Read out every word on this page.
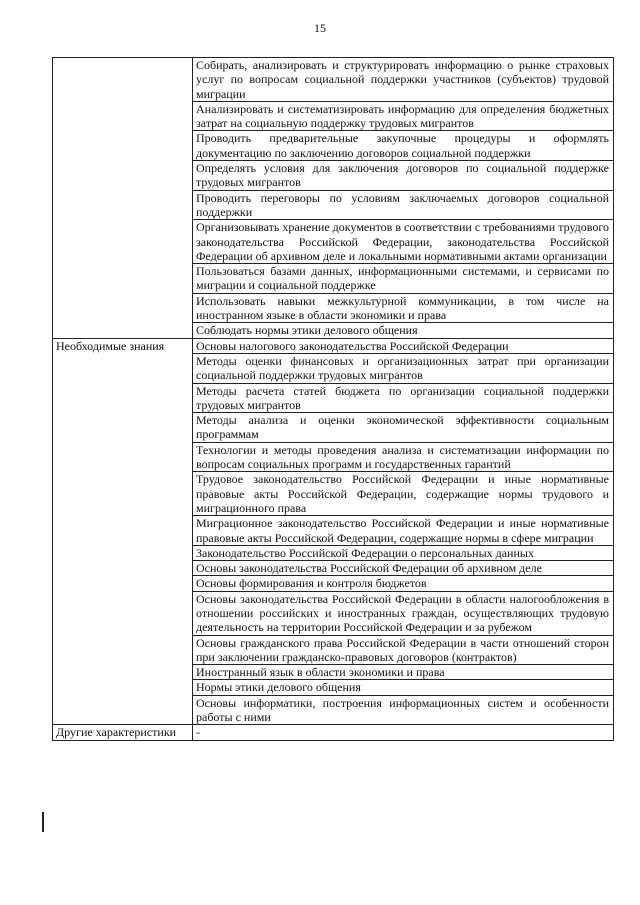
15
	Собирать, анализировать и структурировать информацию о рынке страховых услуг по вопросам социальной поддержки участников (субъектов) трудовой миграции
	Анализировать и систематизировать информацию для определения бюджетных затрат на социальную поддержку трудовых мигрантов
	Проводить предварительные закупочные процедуры и оформлять документацию по заключению договоров социальной поддержки
	Определять условия для заключения договоров по социальной поддержке трудовых мигрантов
	Проводить переговоры по условиям заключаемых договоров социальной поддержки
	Организовывать хранение документов в соответствии с требованиями трудового законодательства Российской Федерации, законодательства Российской Федерации об архивном деле и локальными нормативными актами организации
	Пользоваться базами данных, информационными системами, и сервисами по миграции и социальной поддержке
	Использовать навыки межкультурной коммуникации, в том числе на иностранном языке в области экономики и права
	Соблюдать нормы этики делового общения
Необходимые знания	Основы налогового законодательства Российской Федерации
	Методы оценки финансовых и организационных затрат при организации социальной поддержки трудовых мигрантов
	Методы расчета статей бюджета по организации социальной поддержки трудовых мигрантов
	Методы анализа и оценки экономической эффективности социальным программам
	Технологии и методы проведения анализа и систематизации информации по вопросам социальных программ и государственных гарантий
	Трудовое законодательство Российской Федерации и иные нормативные правовые акты Российской Федерации, содержащие нормы трудового и миграционного права
	Миграционное законодательство Российской Федерации и иные нормативные правовые акты Российской Федерации, содержащие нормы в сфере миграции
	Законодательство Российской Федерации о персональных данных
	Основы законодательства Российской Федерации об архивном деле
	Основы формирования и контроля бюджетов
	Основы законодательства Российской Федерации в области налогообложения в отношении российских и иностранных граждан, осуществляющих трудовую деятельность на территории Российской Федерации и за рубежом
	Основы гражданского права Российской Федерации в части отношений сторон при заключении гражданско-правовых договоров (контрактов)
	Иностранный язык в области экономики и права
	Нормы этики делового общения
	Основы информатики, построения информационных систем и особенности работы с ними
Другие характеристики	-
